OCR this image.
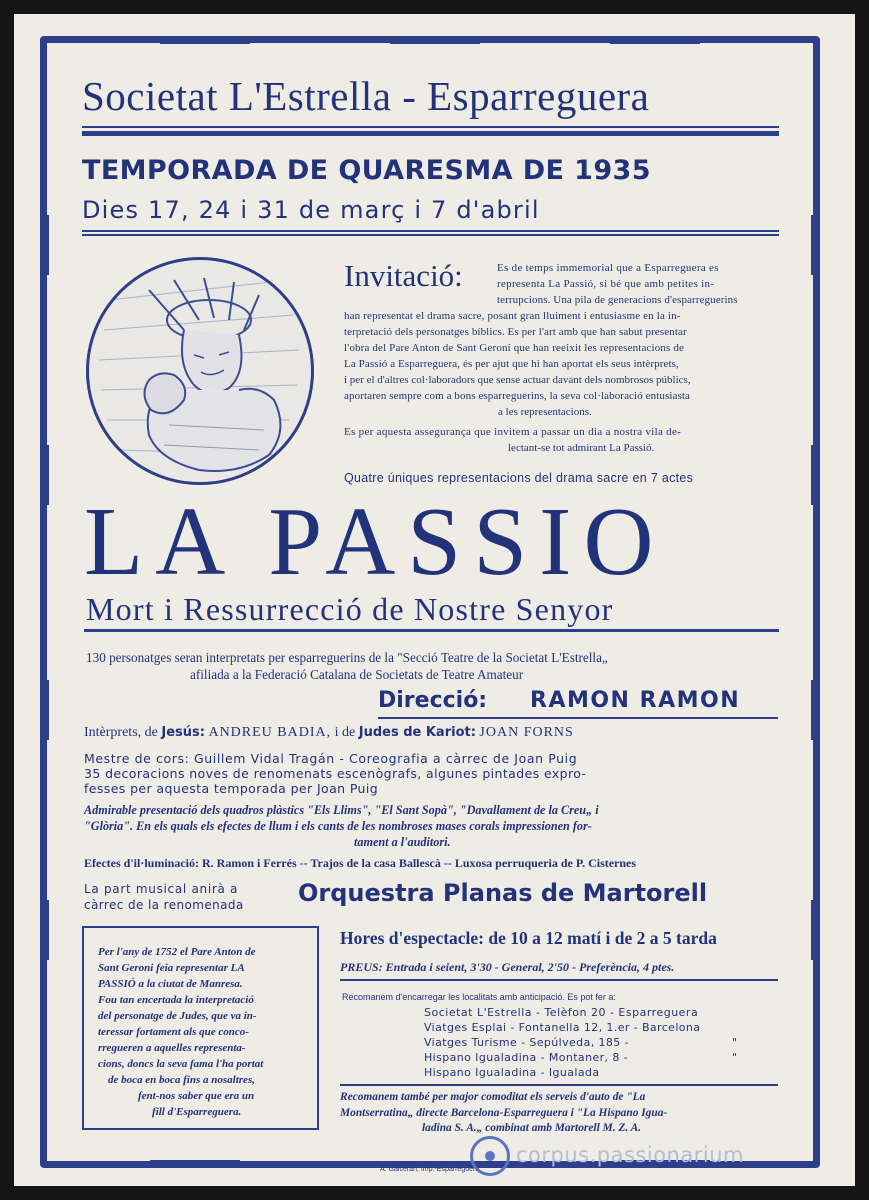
Societat L'Estrella - Esparreguera

TEMPORADA DE QUARESMA DE 1935

Dies 17, 24 i 31 de març i 7 d'abril

Invitació:	Es de temps immemorial que a Esparreguera es

representa La Passió, si bé que amb petites in-

terrupcions. Una pila de generacions d'esparreguerins

han representat el drama sacre, posant gran lluiment i entusiasme en la in-

terpretació dels personatges bíblics. Es per l'art amb que han sabut presentar

l'obra del Pare Anton de Sant Geroni que han reeixit les representacions de

La Passió a Esparreguera, és per ajut que hi han aportat els seus intèrprets,

i per el d'altres col·laboradors que sense actuar davant dels nombrosos públics,

aportaren sempre com a bons esparreguerins, la seva col·laboració entusiasta

a les representacions.

Es per aquesta assegurança que invitem a passar un dia a nostra vila de-

lectant-se tot admirant La Passió.

Quatre úniques representacions del drama sacre en 7 actes

LA PASSIO

Mort i Ressurrecció de Nostre Senyor

130 personatges seran interpretats per esparreguerins de la "Secció Teatre de la Societat L'Estrella„

afiliada a la Federació Catalana de Societats de Teatre Amateur

Direcció: RAMON RAMON

Intèrprets, de Jesús: ANDREU BADIA, i de Judes de Kariot: JOAN FORNS

Mestre de cors: Guillem Vidal Tragán - Coreografia a càrrec de Joan Puig

35 decoracions noves de renomenats escenògrafs, algunes pintades expro-

fesses per aquesta temporada per Joan Puig

Admirable presentació dels quadros plàstics "Els Llims", "El Sant Sopà", "Davallament de la Creu„ i

"Glòria". En els quals els efectes de llum i els cants de les nombroses mases corals impressionen for-

tament a l'auditori.

Efectes d'il·luminació: R. Ramon i Ferrés -- Trajos de la casa Ballescà -- Luxosa perruqueria de P. Cisternes

La part musical anirà a

càrrec de la renomenada Orquestra Planas de Martorell

Per l'any de 1752 el Pare Anton de

Sant Geroni feia representar LA

PASSIÓ a la ciutat de Manresa.

Fou tan encertada la interpretació

del personatge de Judes, que va in-

teressar fortament als que conco-

rregueren a aquelles representa-

cions, doncs la seva fama l'ha portat

de boca en boca fins a nosaltres,

fent-nos saber que era un

fill d'Esparreguera.

Hores d'espectacle: de 10 a 12 matí i de 2 a 5 tarda

PREUS: Entrada i seient, 3'30 - General, 2'50 - Preferència, 4 ptes.

Recomanem d'encarregar les localitats amb anticipació. Es pot fer a:

Societat L'Estrella - Telèfon 20 - Esparreguera

Viatges Esplai - Fontanella 12, 1.er - Barcelona

Viatges Turisme - Sepúlveda, 185 -	"

Hispano Igualadina - Montaner, 8 -	"

Hispano Igualadina - Igualada

Recomanem també per major comoditat els serveis d'auto de "La

Montserratina„ directe Barcelona-Esparreguera i "La Hispano Igua-

ladina S. A.„ combinat amb Martorell M. Z. A.

A. Galceran, Imp.-Esparreguera

corpus.passionarium
